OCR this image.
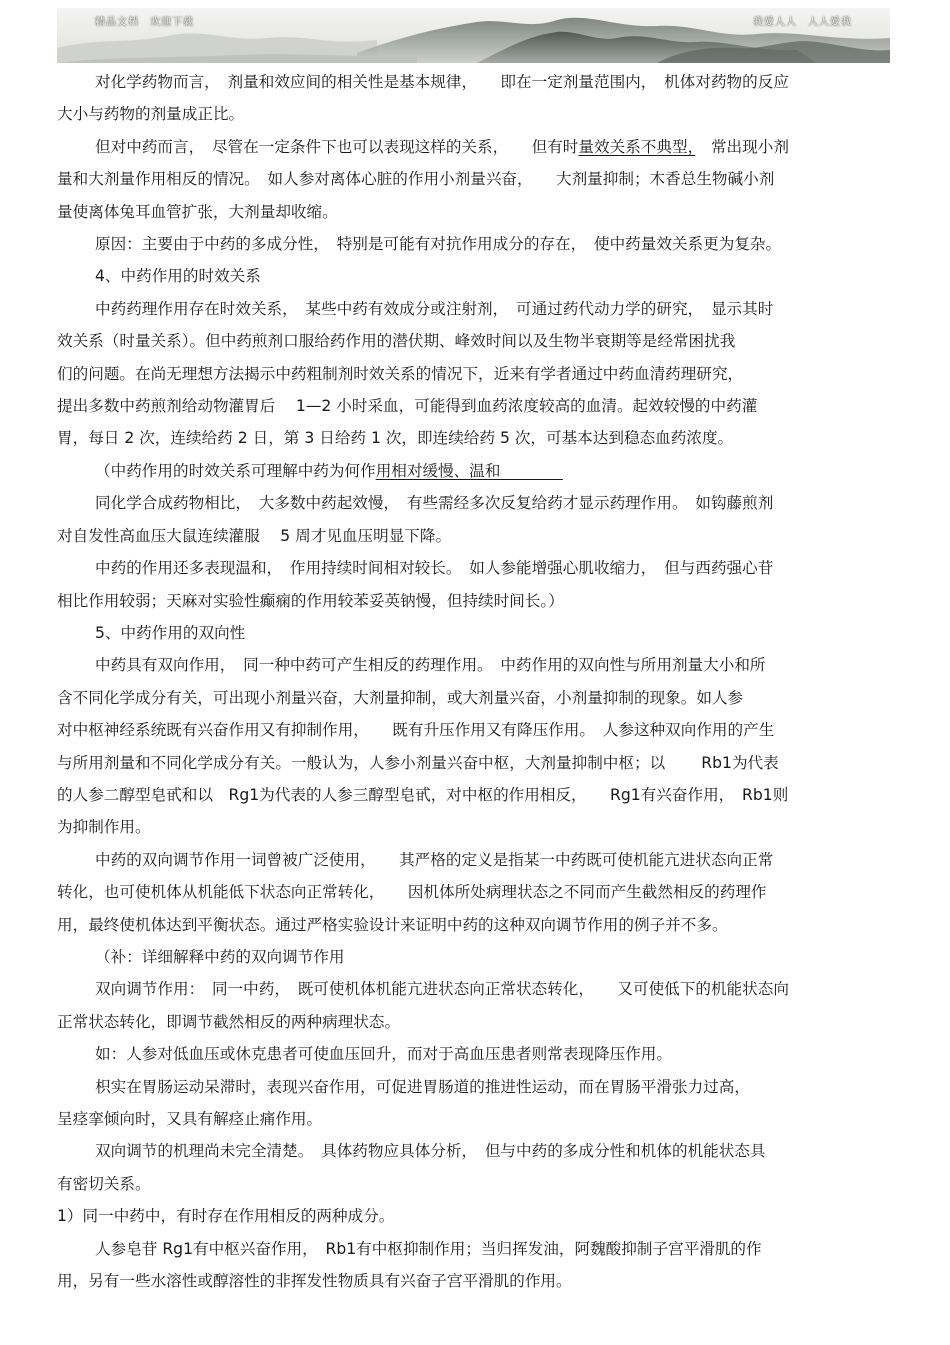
精品文档　欢迎下载	我爱人人　人人爱我

对化学药物而言，　剂量和效应间的相关性是基本规律，　　即在一定剂量范围内，　机体对药物的反应

大小与药物的剂量成正比。

但对中药而言，　尽管在一定条件下也可以表现这样的关系，　　但有时量效关系不典型，　常出现小剂

量和大剂量作用相反的情况。　如人参对离体心脏的作用小剂量兴奋，　　大剂量抑制；木香总生物碱小剂

量使离体兔耳血管扩张，大剂量却收缩。

原因：主要由于中药的多成分性，　特别是可能有对抗作用成分的存在，　使中药量效关系更为复杂。

4、中药作用的时效关系

中药药理作用存在时效关系，　某些中药有效成分或注射剂，　可通过药代动力学的研究，　显示其时

效关系（时量关系）。但中药煎剂口服给药作用的潜伏期、峰效时间以及生物半衰期等是经常困扰我

们的问题。在尚无理想方法揭示中药粗制剂时效关系的情况下，近来有学者通过中药血清药理研究，

提出多数中药煎剂给动物灌胃后　 1—2 小时采血，可能得到血药浓度较高的血清。起效较慢的中药灌

胃，每日 2 次，连续给药 2 日，第 3 日给药 1 次，即连续给药 5 次，可基本达到稳态血药浓度。

（中药作用的时效关系可理解中药为何作用相对缓慢、温和　　　　

同化学合成药物相比，　大多数中药起效慢，　有些需经多次反复给药才显示药理作用。　如钩藤煎剂

对自发性高血压大鼠连续灌服　 5 周才见血压明显下降。

中药的作用还多表现温和，　作用持续时间相对较长。　如人参能增强心肌收缩力，　但与西药强心苷

相比作用较弱；天麻对实验性癫痫的作用较苯妥英钠慢，但持续时间长。）

5、中药作用的双向性

中药具有双向作用，　同一种中药可产生相反的药理作用。　中药作用的双向性与所用剂量大小和所

含不同化学成分有关，可出现小剂量兴奋，大剂量抑制，或大剂量兴奋，小剂量抑制的现象。如人参

对中枢神经系统既有兴奋作用又有抑制作用，　　既有升压作用又有降压作用。　人参这种双向作用的产生

与所用剂量和不同化学成分有关。一般认为，人参小剂量兴奋中枢，大剂量抑制中枢；以　　 Rb1为代表

的人参二醇型皂甙和以　Rg1为代表的人参三醇型皂甙，对中枢的作用相反，　　Rg1有兴奋作用，　Rb1则

为抑制作用。

中药的双向调节作用一词曾被广泛使用，　　其严格的定义是指某一中药既可使机能亢进状态向正常

转化，也可使机体从机能低下状态向正常转化，　　因机体所处病理状态之不同而产生截然相反的药理作

用，最终使机体达到平衡状态。通过严格实验设计来证明中药的这种双向调节作用的例子并不多。

（补：详细解释中药的双向调节作用

双向调节作用：　同一中药，　既可使机体机能亢进状态向正常状态转化，　　又可使低下的机能状态向

正常状态转化，即调节截然相反的两种病理状态。

如：人参对低血压或休克患者可使血压回升，而对于高血压患者则常表现降压作用。

枳实在胃肠运动呆滞时，表现兴奋作用，可促进胃肠道的推进性运动，而在胃肠平滑张力过高，

呈痉挛倾向时，又具有解痉止痛作用。

双向调节的机理尚未完全清楚。　具体药物应具体分析，　但与中药的多成分性和机体的机能状态具

有密切关系。

1）同一中药中，有时存在作用相反的两种成分。

人参皂苷 Rg1有中枢兴奋作用，　Rb1有中枢抑制作用；当归挥发油，阿魏酸抑制子宫平滑肌的作

用，另有一些水溶性或醇溶性的非挥发性物质具有兴奋子宫平滑肌的作用。
